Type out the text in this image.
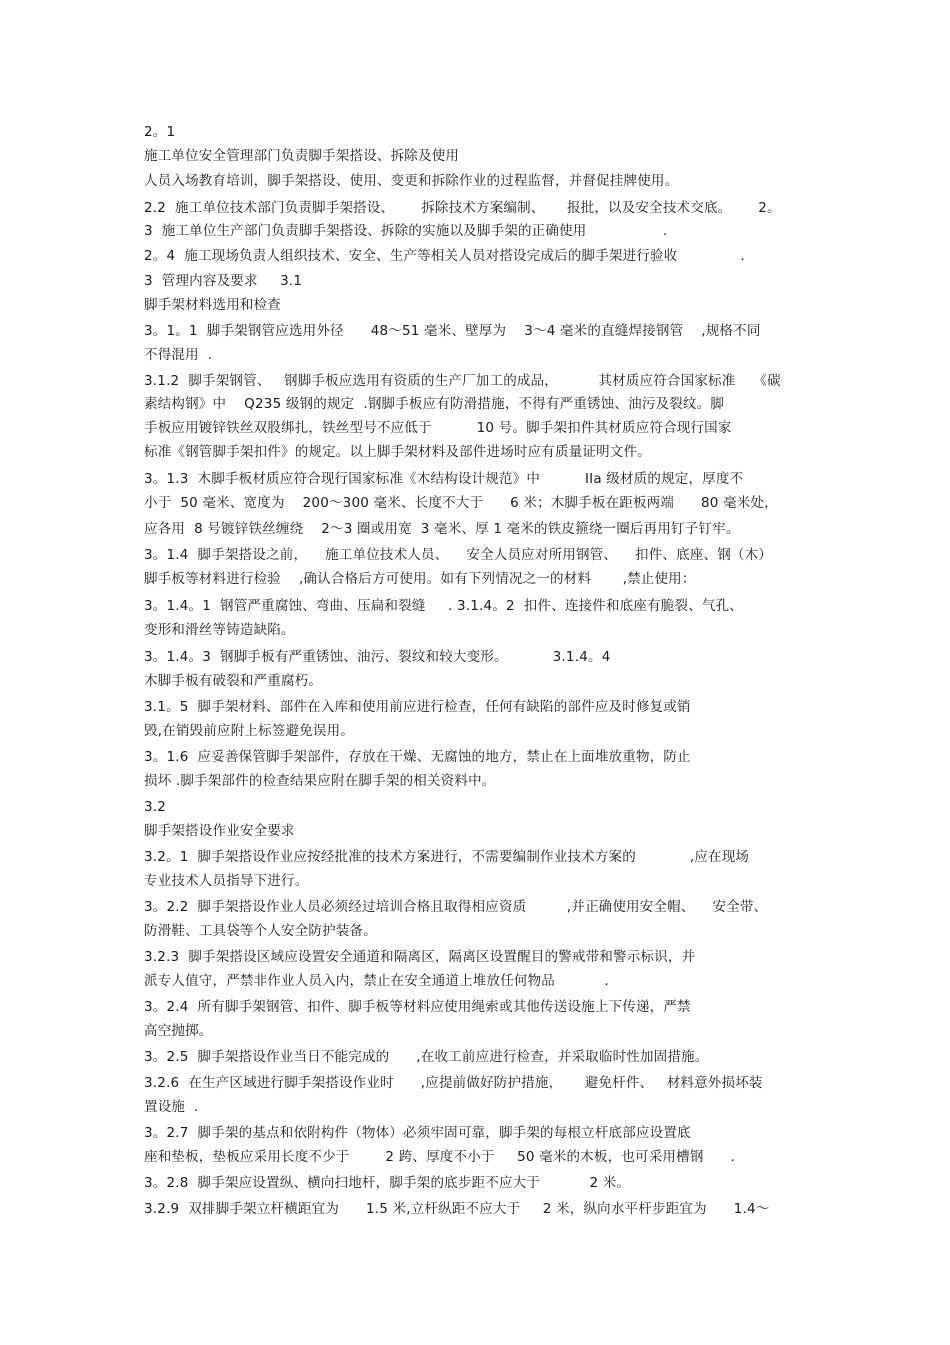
2。1
施工单位安全管理部门负责脚手架搭设、拆除及使用
人员入场教育培训，脚手架搭设、使用、变更和拆除作业的过程监督，并督促挂牌使用。
2.2  施工单位技术部门负责脚手架搭设、      拆除技术方案编制、     报批，以及安全技术交底。      2。
3  施工单位生产部门负责脚手架搭设、拆除的实施以及脚手架的正确使用                 .
2。4  施工现场负责人组织技术、安全、生产等相关人员对搭设完成后的脚手架进行验收              .
3  管理内容及要求     3.1
脚手架材料选用和检查
3。1。1  脚手架钢管应选用外径      48～51 毫米、壁厚为    3～4 毫米的直缝焊接钢管    ,规格不同
不得混用  .
3.1.2  脚手架钢管、   钢脚手板应选用有资质的生产厂加工的成品，         其材质应符合国家标准    《碳
素结构钢》中    Q235 级钢的规定  .钢脚手板应有防滑措施，不得有严重锈蚀、油污及裂纹。脚
手板应用镀锌铁丝双股绑扎，铁丝型号不应低于          10 号。脚手架扣件其材质应符合现行国家
标准《钢管脚手架扣件》的规定。以上脚手架材料及部件进场时应有质量证明文件。
3。1.3  木脚手板材质应符合现行国家标准《木结构设计规范》中          IIa 级材质的规定，厚度不
小于  50 毫米、宽度为    200～300 毫米、长度不大于      6 米；木脚手板在距板两端      80 毫米处，
应各用  8 号镀锌铁丝缠绕    2～3 圈或用宽  3 毫米、厚 1 毫米的铁皮箍绕一圈后再用钉子钉牢。
3。1.4  脚手架搭设之前，    施工单位技术人员、    安全人员应对所用钢管、    扣件、底座、钢（木）
脚手板等材料进行检验    ,确认合格后方可使用。如有下列情况之一的材料       ,禁止使用：
3。1.4。1  钢管严重腐蚀、弯曲、压扁和裂缝     . 3.1.4。2  扣件、连接件和底座有脆裂、气孔、
变形和滑丝等铸造缺陷。
3。1.4。3  钢脚手板有严重锈蚀、油污、裂纹和较大变形。          3.1.4。4
木脚手板有破裂和严重腐朽。
3.1。5  脚手架材料、部件在入库和使用前应进行检查，任何有缺陷的部件应及时修复或销
毁,在销毁前应附上标签避免误用。
3。1.6  应妥善保管脚手架部件，存放在干燥、无腐蚀的地方，禁止在上面堆放重物，防止
损坏 .脚手架部件的检查结果应附在脚手架的相关资料中。
3.2
脚手架搭设作业安全要求
3.2。1  脚手架搭设作业应按经批准的技术方案进行，不需要编制作业技术方案的            ,应在现场
专业技术人员指导下进行。
3。2.2  脚手架搭设作业人员必须经过培训合格且取得相应资质         ,并正确使用安全帽、    安全带、
防滑鞋、工具袋等个人安全防护装备。
3.2.3  脚手架搭设区域应设置安全通道和隔离区，隔离区设置醒目的警戒带和警示标识，并
派专人值守，严禁非作业人员入内，禁止在安全通道上堆放任何物品           .
3。2.4  所有脚手架钢管、扣件、脚手板等材料应使用绳索或其他传送设施上下传递，严禁
高空抛掷。
3。2.5  脚手架搭设作业当日不能完成的      ,在收工前应进行检查，并采取临时性加固措施。
3.2.6  在生产区域进行脚手架搭设作业时      ,应提前做好防护措施，     避免杆件、   材料意外损坏装
置设施  .
3。2.7  脚手架的基点和依附构件（物体）必须牢固可靠，脚手架的每根立杆底部应设置底
座和垫板，垫板应采用长度不少于        2 跨、厚度不小于     50 毫米的木板，也可采用槽钢      .
3。2.8  脚手架应设置纵、横向扫地杆，脚手架的底步距不应大于           2 米。
3.2.9  双排脚手架立杆横距宜为      1.5 米,立杆纵距不应大于     2 米，纵向水平杆步距宜为      1.4～
